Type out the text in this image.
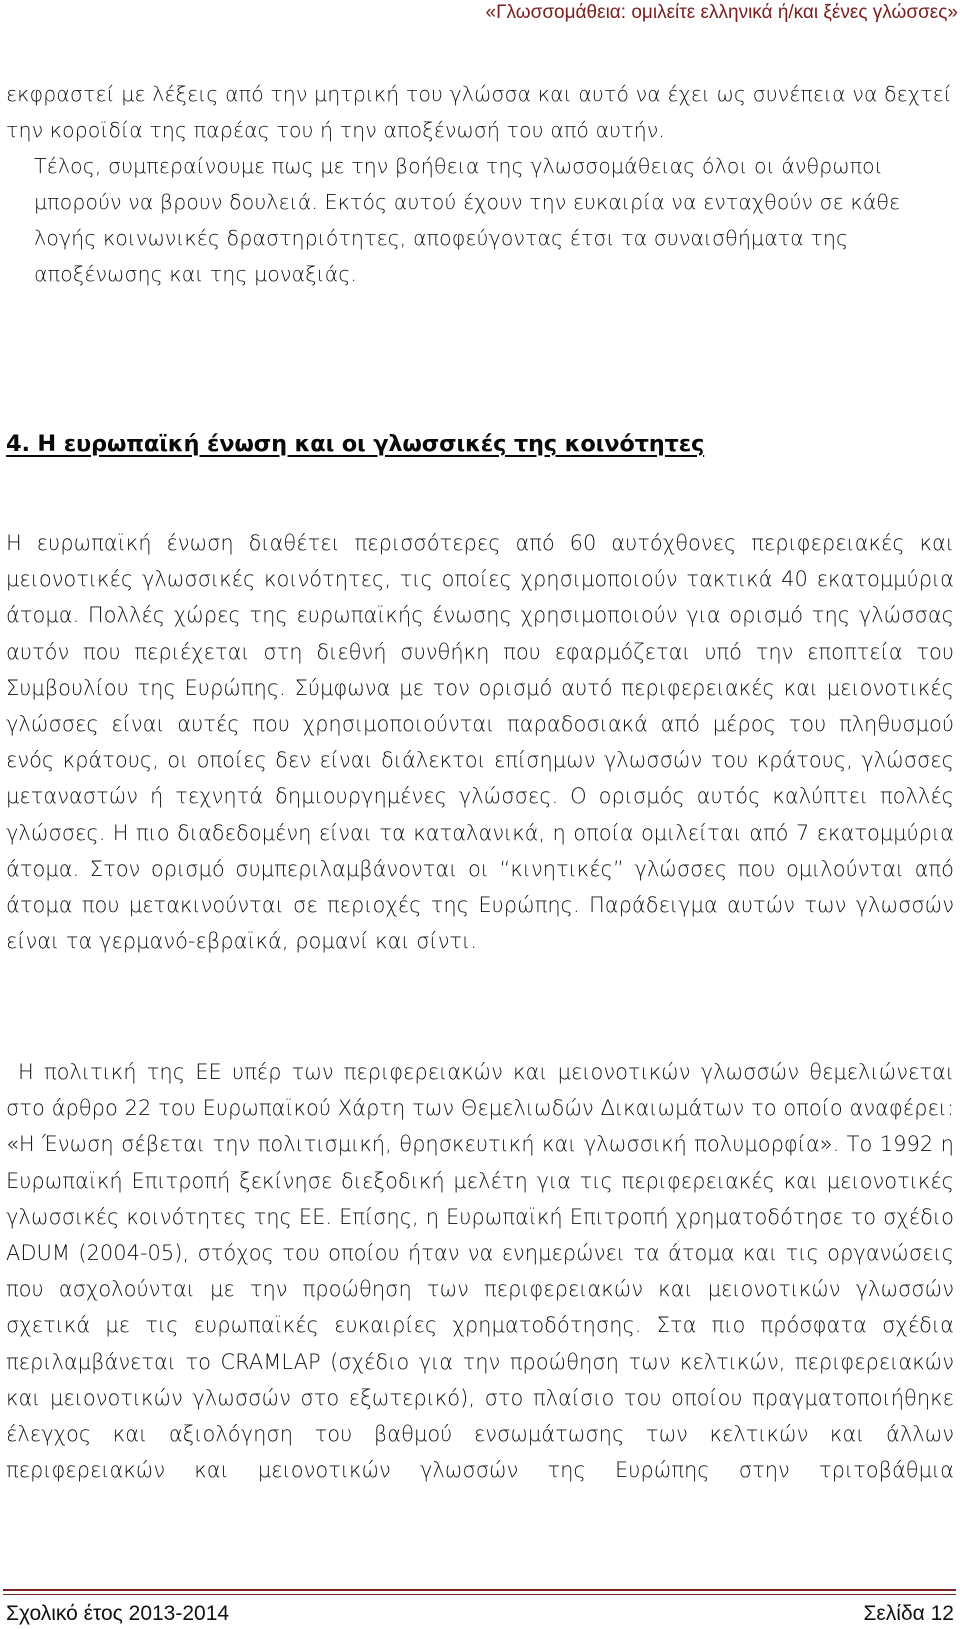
«Γλωσσομάθεια: ομιλείτε ελληνικά ή/και ξένες γλώσσες»
εκφραστεί με λέξεις από την μητρική του γλώσσα και αυτό να έχει ως συνέπεια να δεχτεί την κοροϊδία της παρέας του ή την αποξένωσή του από αυτήν.
Τέλος, συμπεραίνουμε πως με την βοήθεια της γλωσσομάθειας όλοι οι άνθρωποι μπορούν να βρουν δουλειά. Εκτός αυτού έχουν την ευκαιρία να ενταχθούν σε κάθε λογής κοινωνικές δραστηριότητες, αποφεύγοντας έτσι τα συναισθήματα της αποξένωσης και της μοναξιάς.
4. Η ευρωπαϊκή ένωση και οι γλωσσικές της κοινότητες

Η ευρωπαϊκή ένωση διαθέτει περισσότερες από 60 αυτόχθονες περιφερειακές και μειονοτικές γλωσσικές κοινότητες, τις οποίες χρησιμοποιούν τακτικά 40 εκατομμύρια άτομα. Πολλές χώρες της ευρωπαϊκής ένωσης χρησιμοποιούν για ορισμό της γλώσσας αυτόν που περιέχεται στη διεθνή συνθήκη που εφαρμόζεται υπό την εποπτεία του Συμβουλίου της Ευρώπης. Σύμφωνα με τον ορισμό αυτό περιφερειακές και μειονοτικές γλώσσες είναι αυτές που χρησιμοποιούνται παραδοσιακά από μέρος του πληθυσμού ενός κράτους, οι οποίες δεν είναι διάλεκτοι επίσημων γλωσσών του κράτους, γλώσσες μεταναστών ή τεχνητά δημιουργημένες γλώσσες. Ο ορισμός αυτός καλύπτει πολλές γλώσσες. Η πιο διαδεδομένη είναι τα καταλανικά, η οποία ομιλείται από 7 εκατομμύρια άτομα. Στον ορισμό συμπεριλαμβάνονται οι “κινητικές” γλώσσες που ομιλούνται από άτομα που μετακινούνται σε περιοχές της Ευρώπης. Παράδειγμα αυτών των γλωσσών είναι τα γερμανό-εβραϊκά, ρομανί και σίντι.

Η πολιτική της ΕΕ υπέρ των περιφερειακών και μειονοτικών γλωσσών θεμελιώνεται στο άρθρο 22 του Ευρωπαϊκού Χάρτη των Θεμελιωδών Δικαιωμάτων το οποίο αναφέρει: «Η Ένωση σέβεται την πολιτισμική, θρησκευτική και γλωσσική πολυμορφία». Το 1992 η Ευρωπαϊκή Επιτροπή ξεκίνησε διεξοδική μελέτη για τις περιφερειακές και μειονοτικές γλωσσικές κοινότητες της ΕΕ. Επίσης, η Ευρωπαϊκή Επιτροπή χρηματοδότησε το σχέδιο ADUM (2004-05), στόχος του οποίου ήταν να ενημερώνει τα άτομα και τις οργανώσεις που ασχολούνται με την προώθηση των περιφερειακών και μειονοτικών γλωσσών σχετικά με τις ευρωπαϊκές ευκαιρίες χρηματοδότησης. Στα πιο πρόσφατα σχέδια περιλαμβάνεται το CRAMLAP (σχέδιο για την προώθηση των κελτικών, περιφερειακών και μειονοτικών γλωσσών στο εξωτερικό), στο πλαίσιο του οποίου πραγματοποιήθηκε έλεγχος και αξιολόγηση του βαθμού ενσωμάτωσης των κελτικών και άλλων περιφερειακών και μειονοτικών γλωσσών της Ευρώπης στην τριτοβάθμια

Σχολικό έτος 2013-2014	Σελίδα 12
